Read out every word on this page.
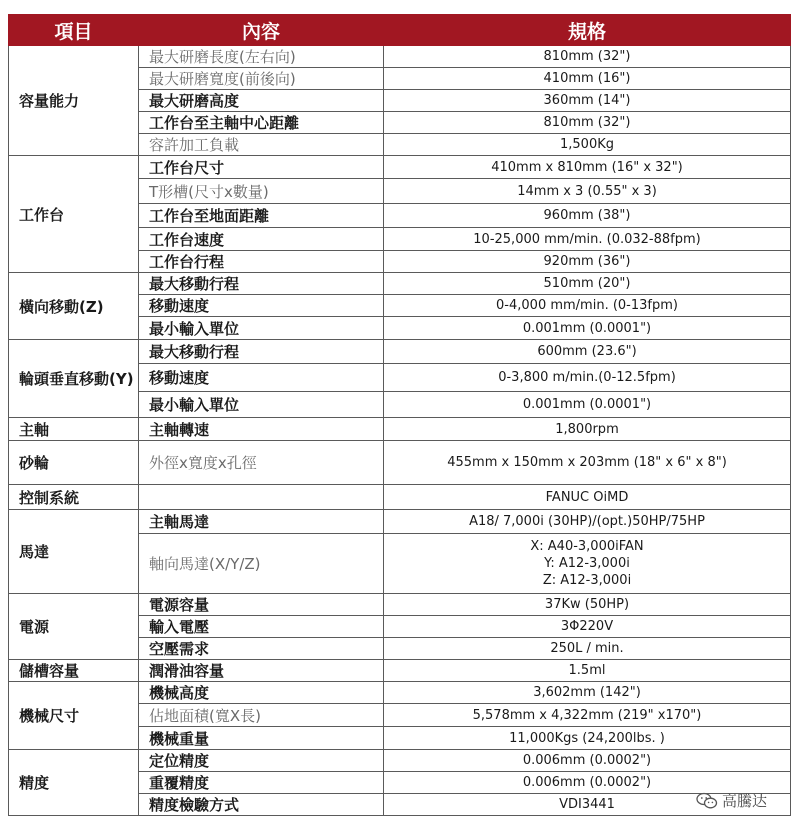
項目	內容	規格
容量能力	最大研磨長度(左右向)	810mm (32")

	最大研磨寬度(前後向)	410mm (16")

	最大研磨高度	360mm (14")

	工作台至主軸中心距離	810mm (32")

	容許加工負載	1,500Kg

工作台	工作台尺寸	410mm x 810mm (16" x 32")

	T形槽(尺寸x數量)	14mm x 3 (0.55" x 3)

	工作台至地面距離	960mm (38")

	工作台速度	10-25,000 mm/min. (0.032-88fpm)

	工作台行程	920mm (36")

橫向移動(Z)	最大移動行程	510mm (20")

	移動速度	0-4,000 mm/min. (0-13fpm)

	最小輸入單位	0.001mm (0.0001")

輪頭垂直移動(Y)	最大移動行程	600mm (23.6")

	移動速度	0-3,800 m/min.(0-12.5fpm)

	最小輸入單位	0.001mm (0.0001")

主軸	主軸轉速	1,800rpm

砂輪	外徑x寬度x孔徑	455mm x 150mm x 203mm (18" x 6" x 8")

控制系統		FANUC OiMD

馬達	主軸馬達	A18/ 7,000i (30HP)/(opt.)50HP/75HP

	軸向馬達(X/Y/Z)	X: A40-3,000iFAN
Y: A12-3,000i
Z: A12-3,000i

電源	電源容量	37Kw (50HP)

	輸入電壓	3Φ220V

	空壓需求	250L / min.

儲槽容量	潤滑油容量	1.5ml

機械尺寸	機械高度	3,602mm (142")

	佔地面積(寬X長)	5,578mm x 4,322mm (219" x170")

	機械重量	11,000Kgs (24,200lbs. )

精度	定位精度	0.006mm (0.0002")

	重覆精度	0.006mm (0.0002")

	精度檢驗方式	VDI3441	高騰达
